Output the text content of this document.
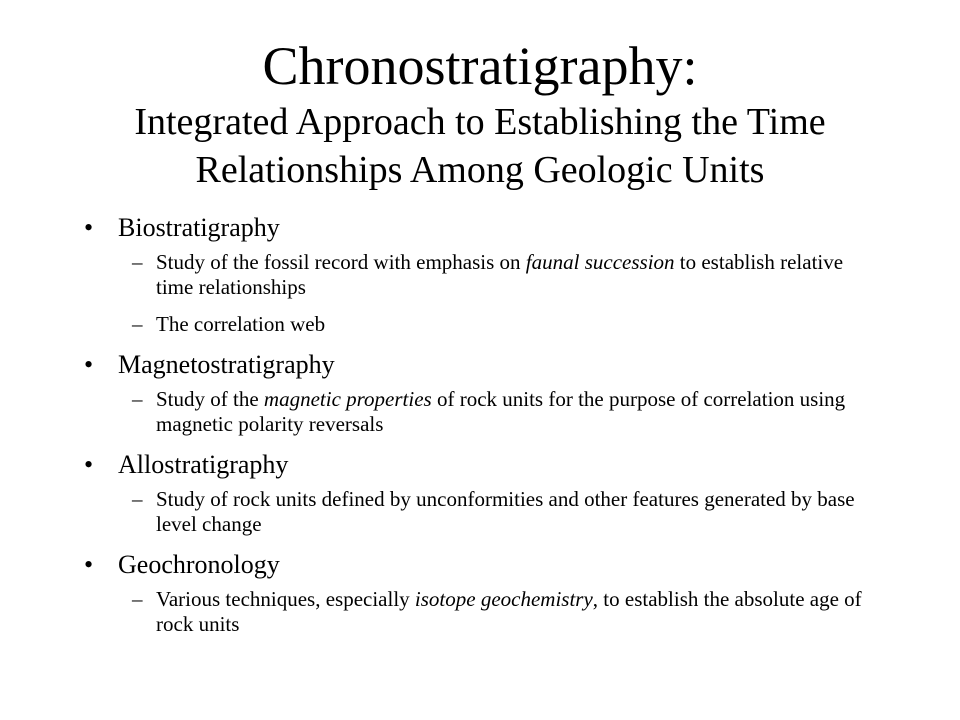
Chronostratigraphy:
Integrated Approach to Establishing the Time Relationships Among Geologic Units
• Biostratigraphy
– Study of the fossil record with emphasis on faunal succession to establish relative time relationships
– The correlation web
• Magnetostratigraphy
– Study of the magnetic properties of rock units for the purpose of correlation using magnetic polarity reversals
• Allostratigraphy
– Study of rock units defined by unconformities and other features generated by base level change
• Geochronology
– Various techniques, especially isotope geochemistry, to establish the absolute age of rock units
